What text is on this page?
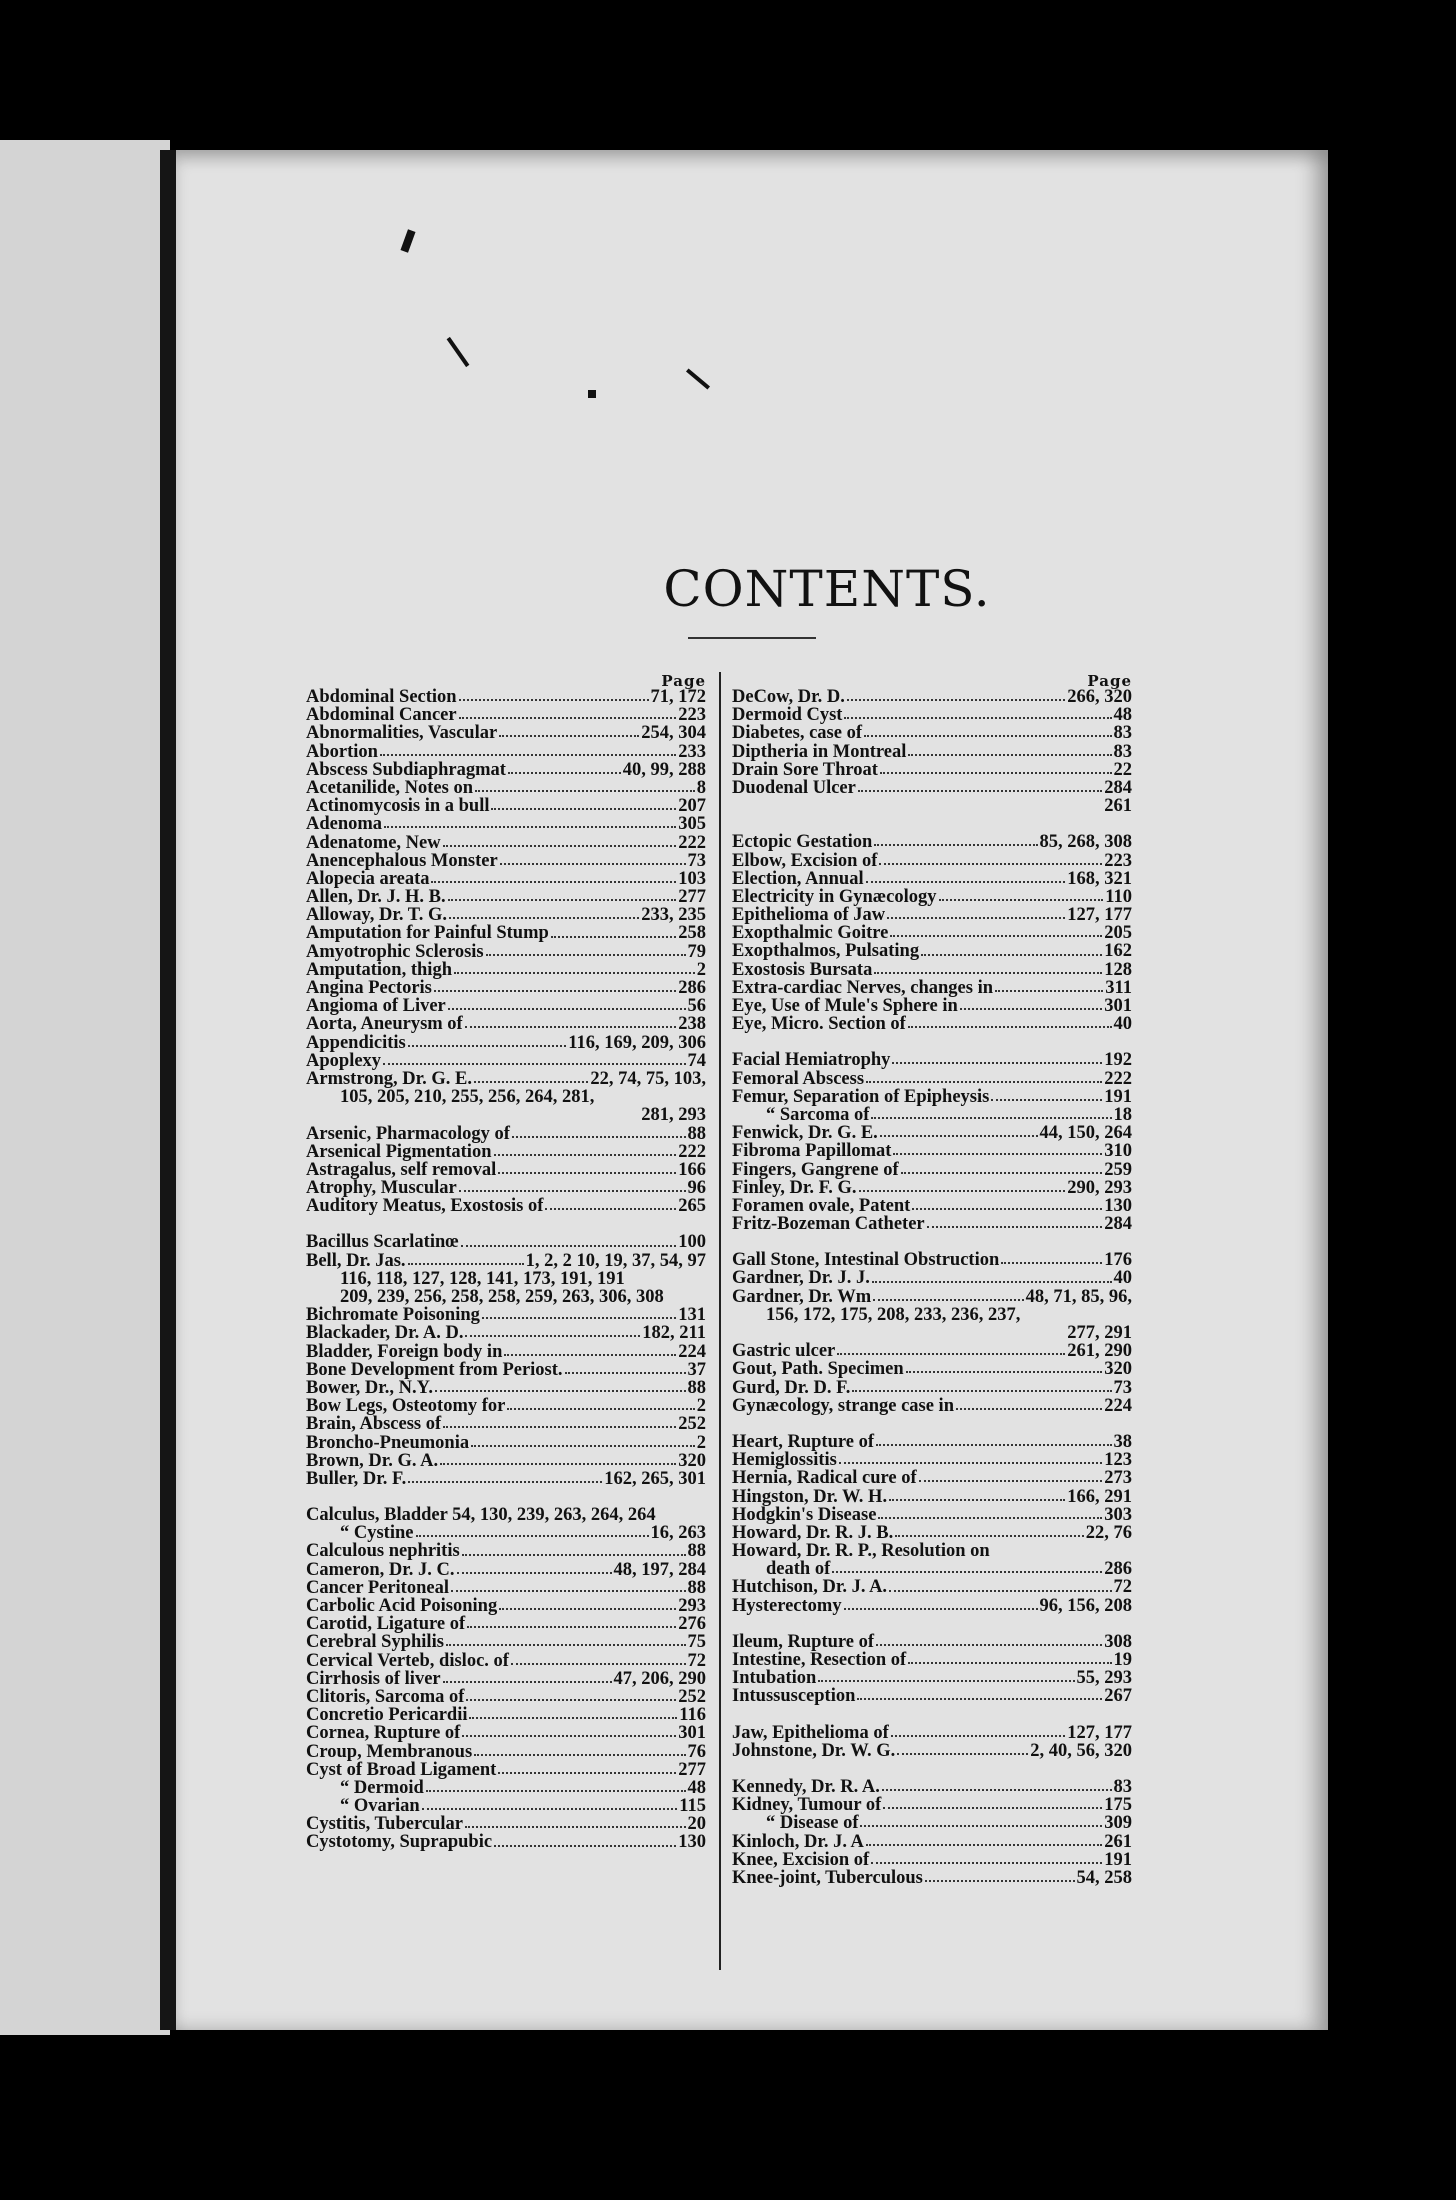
CONTENTS.
Page
Abdominal Section	71, 172
Abdominal Cancer	223
Abnormalities, Vascular	254, 304
Abortion	233
Abscess Subdiaphragmat	40, 99, 288
Acetanilide, Notes on	8
Actinomycosis in a bull	207
Adenoma	305
Adenatome, New	222
Anencephalous Monster	73
Alopecia areata	103
Allen, Dr. J. H. B.	277
Alloway, Dr. T. G.	233, 235
Amputation for Painful Stump	258
Amyotrophic Sclerosis	79
Amputation, thigh	2
Angina Pectoris	286
Angioma of Liver	56
Aorta, Aneurysm of	238
Appendicitis	116, 169, 209, 306
Apoplexy	74
Armstrong, Dr. G. E.	22, 74, 75, 103,
105, 205, 210, 255, 256, 264, 281,
281, 293
Arsenic, Pharmacology of	88
Arsenical Pigmentation	222
Astragalus, self removal	166
Atrophy, Muscular	96
Auditory Meatus, Exostosis of	265
Bacillus Scarlatinœ	100
Bell, Dr. Jas.	1, 2, 2 10, 19, 37, 54, 97
116, 118, 127, 128, 141, 173, 191, 191
209, 239, 256, 258, 258, 259, 263, 306, 308
Bichromate Poisoning	131
Blackader, Dr. A. D.	182, 211
Bladder, Foreign body in	224
Bone Development from Periost.	37
Bower, Dr., N.Y.	88
Bow Legs, Osteotomy for	2
Brain, Abscess of	252
Broncho-Pneumonia	2
Brown, Dr. G. A.	320
Buller, Dr. F.	162, 265, 301
Calculus, Bladder 54, 130, 239, 263, 264, 264
“ Cystine	16, 263
Calculous nephritis	88
Cameron, Dr. J. C.	48, 197, 284
Cancer Peritoneal	88
Carbolic Acid Poisoning	293
Carotid, Ligature of	276
Cerebral Syphilis	75
Cervical Verteb, disloc. of	72
Cirrhosis of liver	47, 206, 290
Clitoris, Sarcoma of	252
Concretio Pericardii	116
Cornea, Rupture of	301
Croup, Membranous	76
Cyst of Broad Ligament	277
“ Dermoid	48
“ Ovarian	115
Cystitis, Tubercular	20
Cystotomy, Suprapubic	130
Page
DeCow, Dr. D.	266, 320
Dermoid Cyst	48
Diabetes, case of	83
Diptheria in Montreal	83
Drain Sore Throat	22
Duodenal Ulcer	284
261
Ectopic Gestation	85, 268, 308
Elbow, Excision of	223
Election, Annual	168, 321
Electricity in Gynæcology	110
Epithelioma of Jaw	127, 177
Exopthalmic Goitre	205
Exopthalmos, Pulsating	162
Exostosis Bursata	128
Extra-cardiac Nerves, changes in	311
Eye, Use of Mule's Sphere in	301
Eye, Micro. Section of	40
Facial Hemiatrophy	192
Femoral Abscess	222
Femur, Separation of Epipheysis	191
“ Sarcoma of	18
Fenwick, Dr. G. E.	44, 150, 264
Fibroma Papillomat	310
Fingers, Gangrene of	259
Finley, Dr. F. G.	290, 293
Foramen ovale, Patent	130
Fritz-Bozeman Catheter	284
Gall Stone, Intestinal Obstruction	176
Gardner, Dr. J. J.	40
Gardner, Dr. Wm	48, 71, 85, 96,
156, 172, 175, 208, 233, 236, 237,
277, 291
Gastric ulcer	261, 290
Gout, Path. Specimen	320
Gurd, Dr. D. F.	73
Gynæcology, strange case in	224
Heart, Rupture of	38
Hemiglossitis	123
Hernia, Radical cure of	273
Hingston, Dr. W. H.	166, 291
Hodgkin's Disease	303
Howard, Dr. R. J. B.	22, 76
Howard, Dr. R. P., Resolution on
death of	286
Hutchison, Dr. J. A.	72
Hysterectomy	96, 156, 208
Ileum, Rupture of	308
Intestine, Resection of	19
Intubation	55, 293
Intussusception	267
Jaw, Epithelioma of	127, 177
Johnstone, Dr. W. G.	2, 40, 56, 320
Kennedy, Dr. R. A.	83
Kidney, Tumour of	175
“ Disease of	309
Kinloch, Dr. J. A	261
Knee, Excision of	191
Knee-joint, Tuberculous	54, 258
